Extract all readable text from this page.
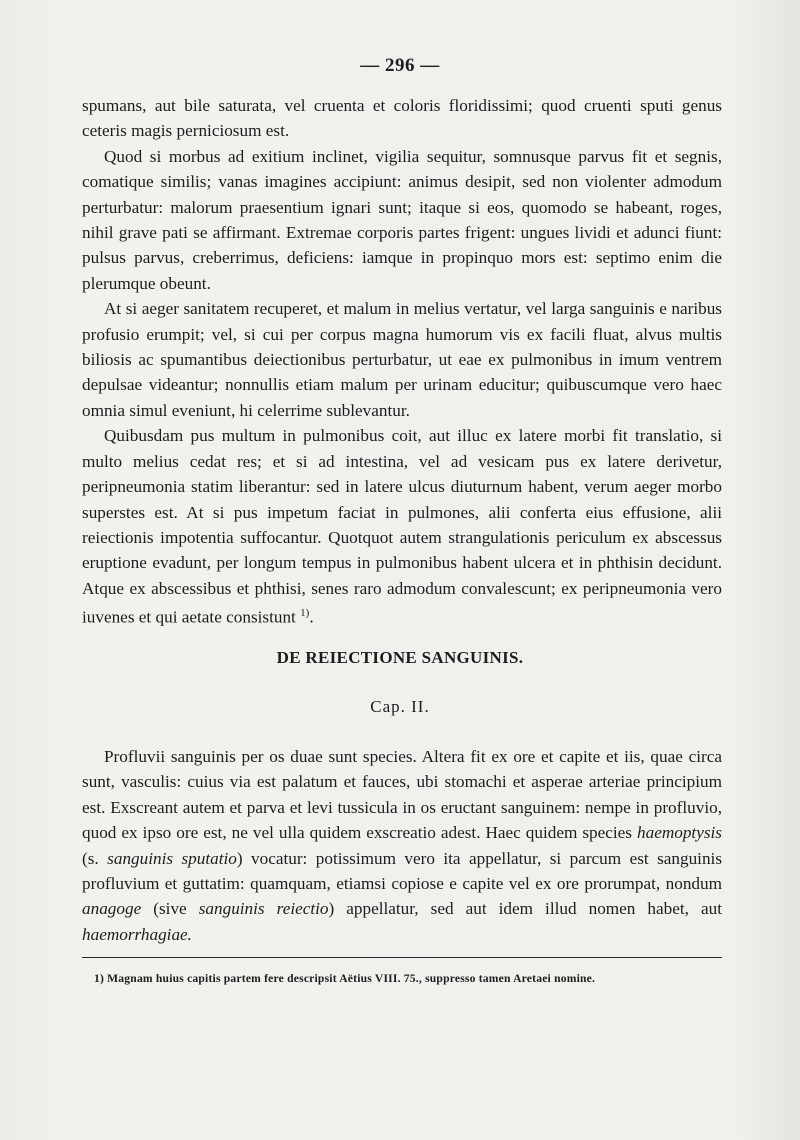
— 296 —

spumans, aut bile saturata, vel cruenta et coloris floridissimi; quod cruenti sputi genus ceteris magis perniciosum est.

Quod si morbus ad exitium inclinet, vigilia sequitur, somnusque parvus fit et segnis, comatique similis; vanas imagines accipiunt: animus desipit, sed non violenter admodum perturbatur: malorum praesentium ignari sunt; itaque si eos, quomodo se habeant, roges, nihil grave pati se affirmant. Extremae corporis partes frigent: ungues lividi et adunci fiunt: pulsus parvus, creberrimus, deficiens: iamque in propinquo mors est: septimo enim die plerumque obeunt.

At si aeger sanitatem recuperet, et malum in melius vertatur, vel larga sanguinis e naribus profusio erumpit; vel, si cui per corpus magna humorum vis ex facili fluat, alvus multis biliosis ac spumantibus deiectionibus perturbatur, ut eae ex pulmonibus in imum ventrem depulsae videantur; nonnullis etiam malum per urinam educitur; quibuscumque vero haec omnia simul eveniunt, hi celerrime sublevantur.

Quibusdam pus multum in pulmonibus coit, aut illuc ex latere morbi fit translatio, si multo melius cedat res; et si ad intestina, vel ad vesicam pus ex latere derivetur, peripneumonia statim liberantur: sed in latere ulcus diuturnum habent, verum aeger morbo superstes est. At si pus impetum faciat in pulmones, alii conferta eius effusione, alii reiectionis impotentia suffocantur. Quotquot autem strangulationis periculum ex abscessus eruptione evadunt, per longum tempus in pulmonibus habent ulcera et in phthisin decidunt. Atque ex abscessibus et phthisi, senes raro admodum convalescunt; ex peripneumonia vero iuvenes et qui aetate consistunt $^{1)}$.

DE REIECTIONE SANGUINIS.
Cap. II.

Profluvii sanguinis per os duae sunt species. Altera fit ex ore et capite et iis, quae circa sunt, vasculis: cuius via est palatum et fauces, ubi stomachi et asperae arteriae principium est. Exscreant autem et parva et levi tussicula in os eructant sanguinem: nempe in profluvio, quod ex ipso ore est, ne vel ulla quidem exscreatio adest. Haec quidem species haemoptysis (s. sanguinis sputatio) vocatur: potissimum vero ita appellatur, si parcum est sanguinis profluvium et guttatim: quamquam, etiamsi copiose e capite vel ex ore prorumpat, nondum anagoge (sive sanguinis reiectio) appellatur, sed aut idem illud nomen habet, aut haemorrhagiae.

1) Magnam huius capitis partem fere descripsit Aëtius VIII. 75., suppresso tamen Aretaei nomine.
